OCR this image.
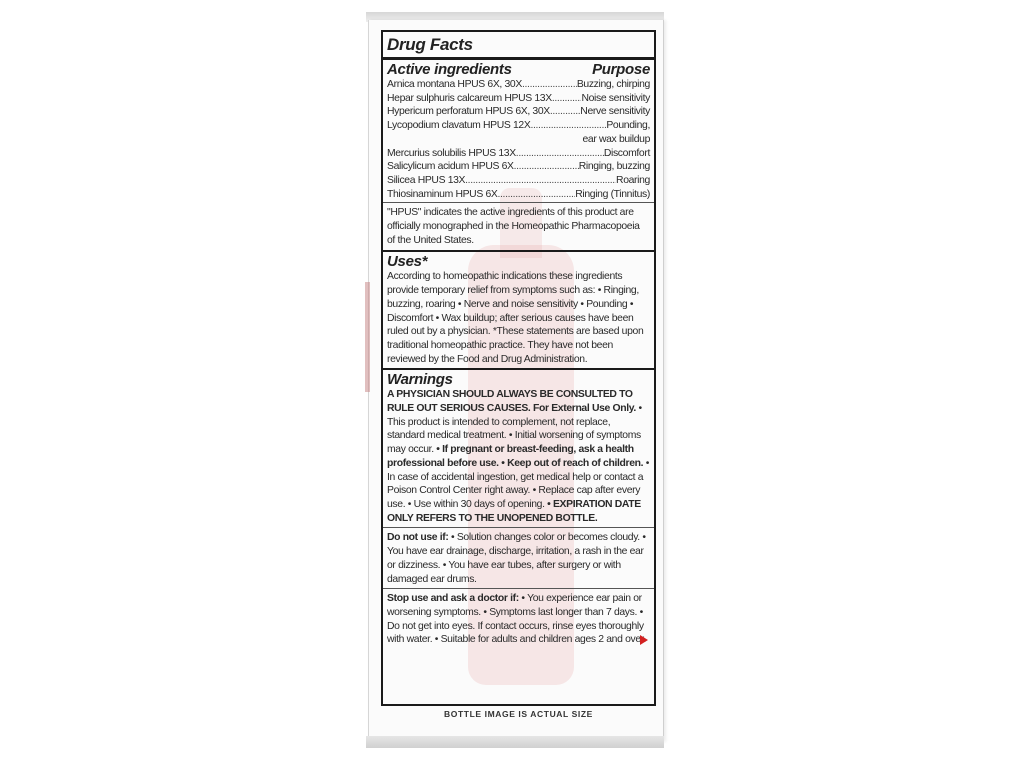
Drug Facts
Active ingredients	Purpose
Arnica montana HPUS 6X, 30X .....	Buzzing, chirping
Hepar sulphuris calcareum HPUS 13X .....	Noise sensitivity
Hypericum perforatum HPUS 6X, 30X .....	Nerve sensitivity
Lycopodium clavatum HPUS 12X .....	Pounding,
ear wax buildup
Mercurius solubilis HPUS 13X .....	Discomfort
Salicylicum acidum HPUS 6X .....	Ringing, buzzing
Silicea HPUS 13X .....	Roaring
Thiosinaminum HPUS 6X .....	Ringing (Tinnitus)
"HPUS" indicates the active ingredients of this product are officially monographed in the Homeopathic Pharmacopoeia of the United States.
Uses*
According to homeopathic indications these ingredients provide temporary relief from symptoms such as: • Ringing, buzzing, roaring • Nerve and noise sensitivity • Pounding • Discomfort • Wax buildup; after serious causes have been ruled out by a physician. *These statements are based upon traditional homeopathic practice. They have not been reviewed by the Food and Drug Administration.
Warnings
A PHYSICIAN SHOULD ALWAYS BE CONSULTED TO RULE OUT SERIOUS CAUSES. For External Use Only. • This product is intended to complement, not replace, standard medical treatment. • Initial worsening of symptoms may occur. • If pregnant or breast-feeding, ask a health professional before use. • Keep out of reach of children. • In case of accidental ingestion, get medical help or contact a Poison Control Center right away. • Replace cap after every use. • Use within 30 days of opening. • EXPIRATION DATE ONLY REFERS TO THE UNOPENED BOTTLE.
Do not use if: • Solution changes color or becomes cloudy. • You have ear drainage, discharge, irritation, a rash in the ear or dizziness. • You have ear tubes, after surgery or with damaged ear drums.
Stop use and ask a doctor if: • You experience ear pain or worsening symptoms. • Symptoms last longer than 7 days. • Do not get into eyes. If contact occurs, rinse eyes thoroughly with water. • Suitable for adults and children ages 2 and over.
BOTTLE IMAGE IS ACTUAL SIZE
